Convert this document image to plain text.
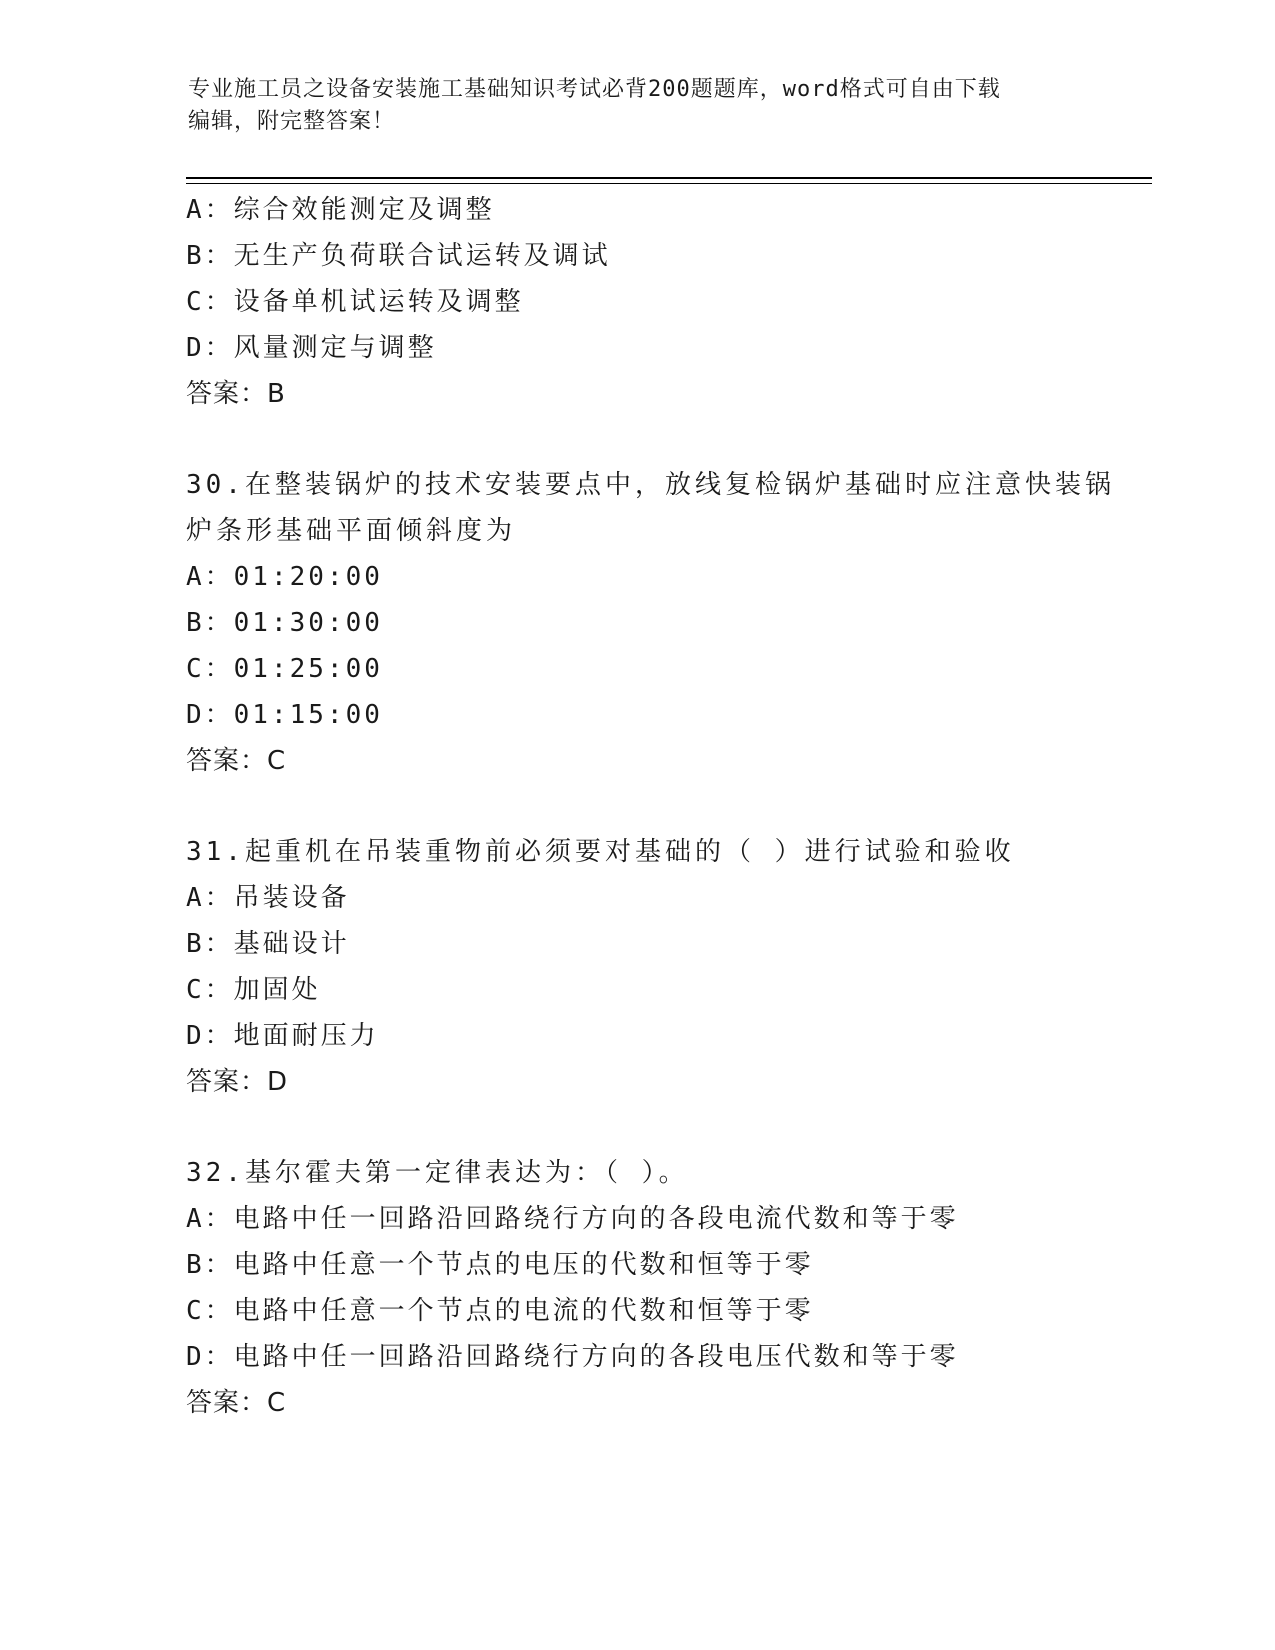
专业施工员之设备安装施工基础知识考试必背200题题库，word格式可自由下载
编辑，附完整答案！
A：综合效能测定及调整
B：无生产负荷联合试运转及调试
C：设备单机试运转及调整
D：风量测定与调整
答案：B
30.在整装锅炉的技术安装要点中，放线复检锅炉基础时应注意快装锅
炉条形基础平面倾斜度为
A：01:20:00
B：01:30:00
C：01:25:00
D：01:15:00
答案：C
31.起重机在吊装重物前必须要对基础的（ ）进行试验和验收
A：吊装设备
B：基础设计
C：加固处
D：地面耐压力
答案：D
32.基尔霍夫第一定律表达为：（ ）。
A：电路中任一回路沿回路绕行方向的各段电流代数和等于零
B：电路中任意一个节点的电压的代数和恒等于零
C：电路中任意一个节点的电流的代数和恒等于零
D：电路中任一回路沿回路绕行方向的各段电压代数和等于零
答案：C
